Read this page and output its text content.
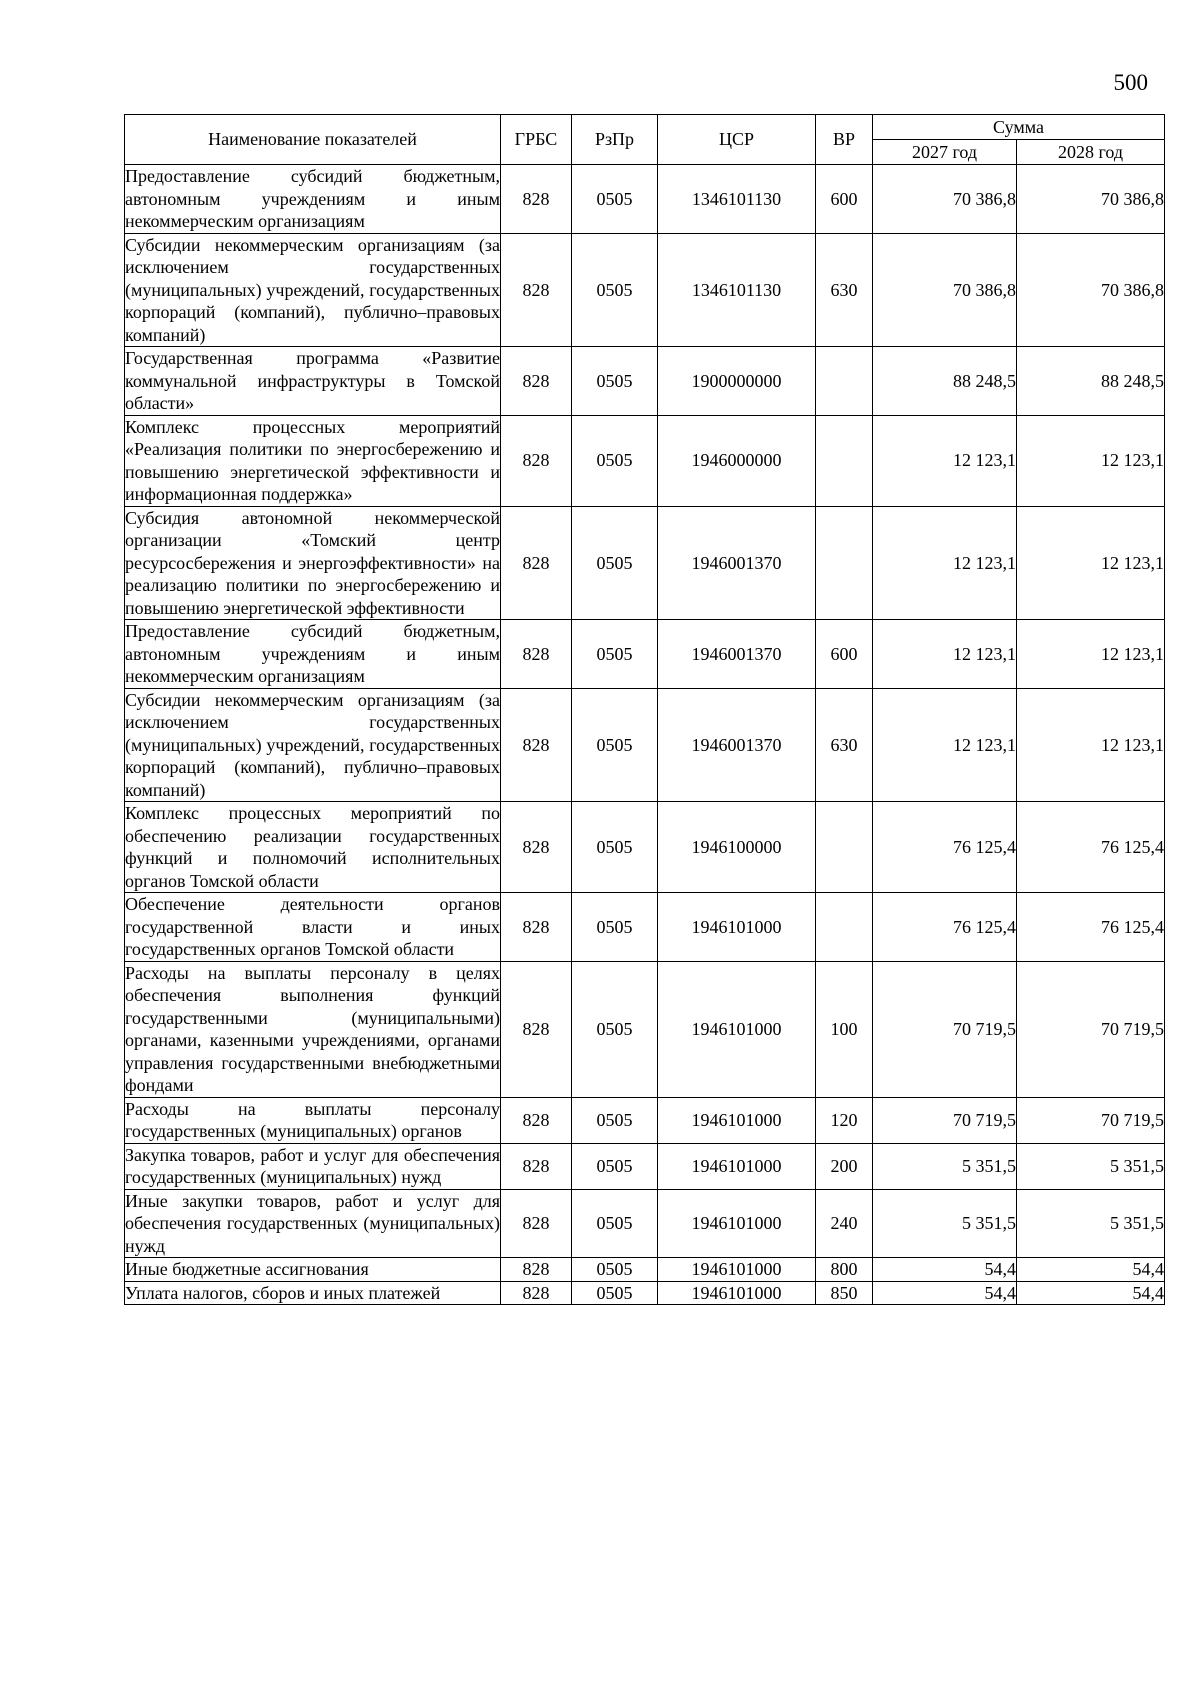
500
Наименование показателей	ГРБС	РзПр	ЦСР	ВР	Сумма	
					2027 год	2028 год
Предоставление субсидий бюджетным, автономным учреждениям и иным некоммерческим организациям	828	0505	1346101130	600	70 386,8	70 386,8
Субсидии некоммерческим организациям (за исключением государственных (муниципальных) учреждений, государственных корпораций (компаний), публично–правовых компаний)	828	0505	1346101130	630	70 386,8	70 386,8
Государственная программа «Развитие коммунальной инфраструктуры в Томской области»	828	0505	1900000000		88 248,5	88 248,5
Комплекс процессных мероприятий «Реализация политики по энергосбережению и повышению энергетической эффективности и информационная поддержка»	828	0505	1946000000		12 123,1	12 123,1
Субсидия автономной некоммерческой организации «Томский центр ресурсосбережения и энергоэффективности» на реализацию политики по энергосбережению и повышению энергетической эффективности	828	0505	1946001370		12 123,1	12 123,1
Предоставление субсидий бюджетным, автономным учреждениям и иным некоммерческим организациям	828	0505	1946001370	600	12 123,1	12 123,1
Субсидии некоммерческим организациям (за исключением государственных (муниципальных) учреждений, государственных корпораций (компаний), публично–правовых компаний)	828	0505	1946001370	630	12 123,1	12 123,1
Комплекс процессных мероприятий по обеспечению реализации государственных функций и полномочий исполнительных органов Томской области	828	0505	1946100000		76 125,4	76 125,4
Обеспечение деятельности органов государственной власти и иных государственных органов Томской области	828	0505	1946101000		76 125,4	76 125,4
Расходы на выплаты персоналу в целях обеспечения выполнения функций государственными (муниципальными) органами, казенными учреждениями, органами управления государственными внебюджетными фондами	828	0505	1946101000	100	70 719,5	70 719,5
Расходы на выплаты персоналу государственных (муниципальных) органов	828	0505	1946101000	120	70 719,5	70 719,5
Закупка товаров, работ и услуг для обеспечения государственных (муниципальных) нужд	828	0505	1946101000	200	5 351,5	5 351,5
Иные закупки товаров, работ и услуг для обеспечения государственных (муниципальных) нужд	828	0505	1946101000	240	5 351,5	5 351,5
Иные бюджетные ассигнования	828	0505	1946101000	800	54,4	54,4
Уплата налогов, сборов и иных платежей	828	0505	1946101000	850	54,4	54,4
